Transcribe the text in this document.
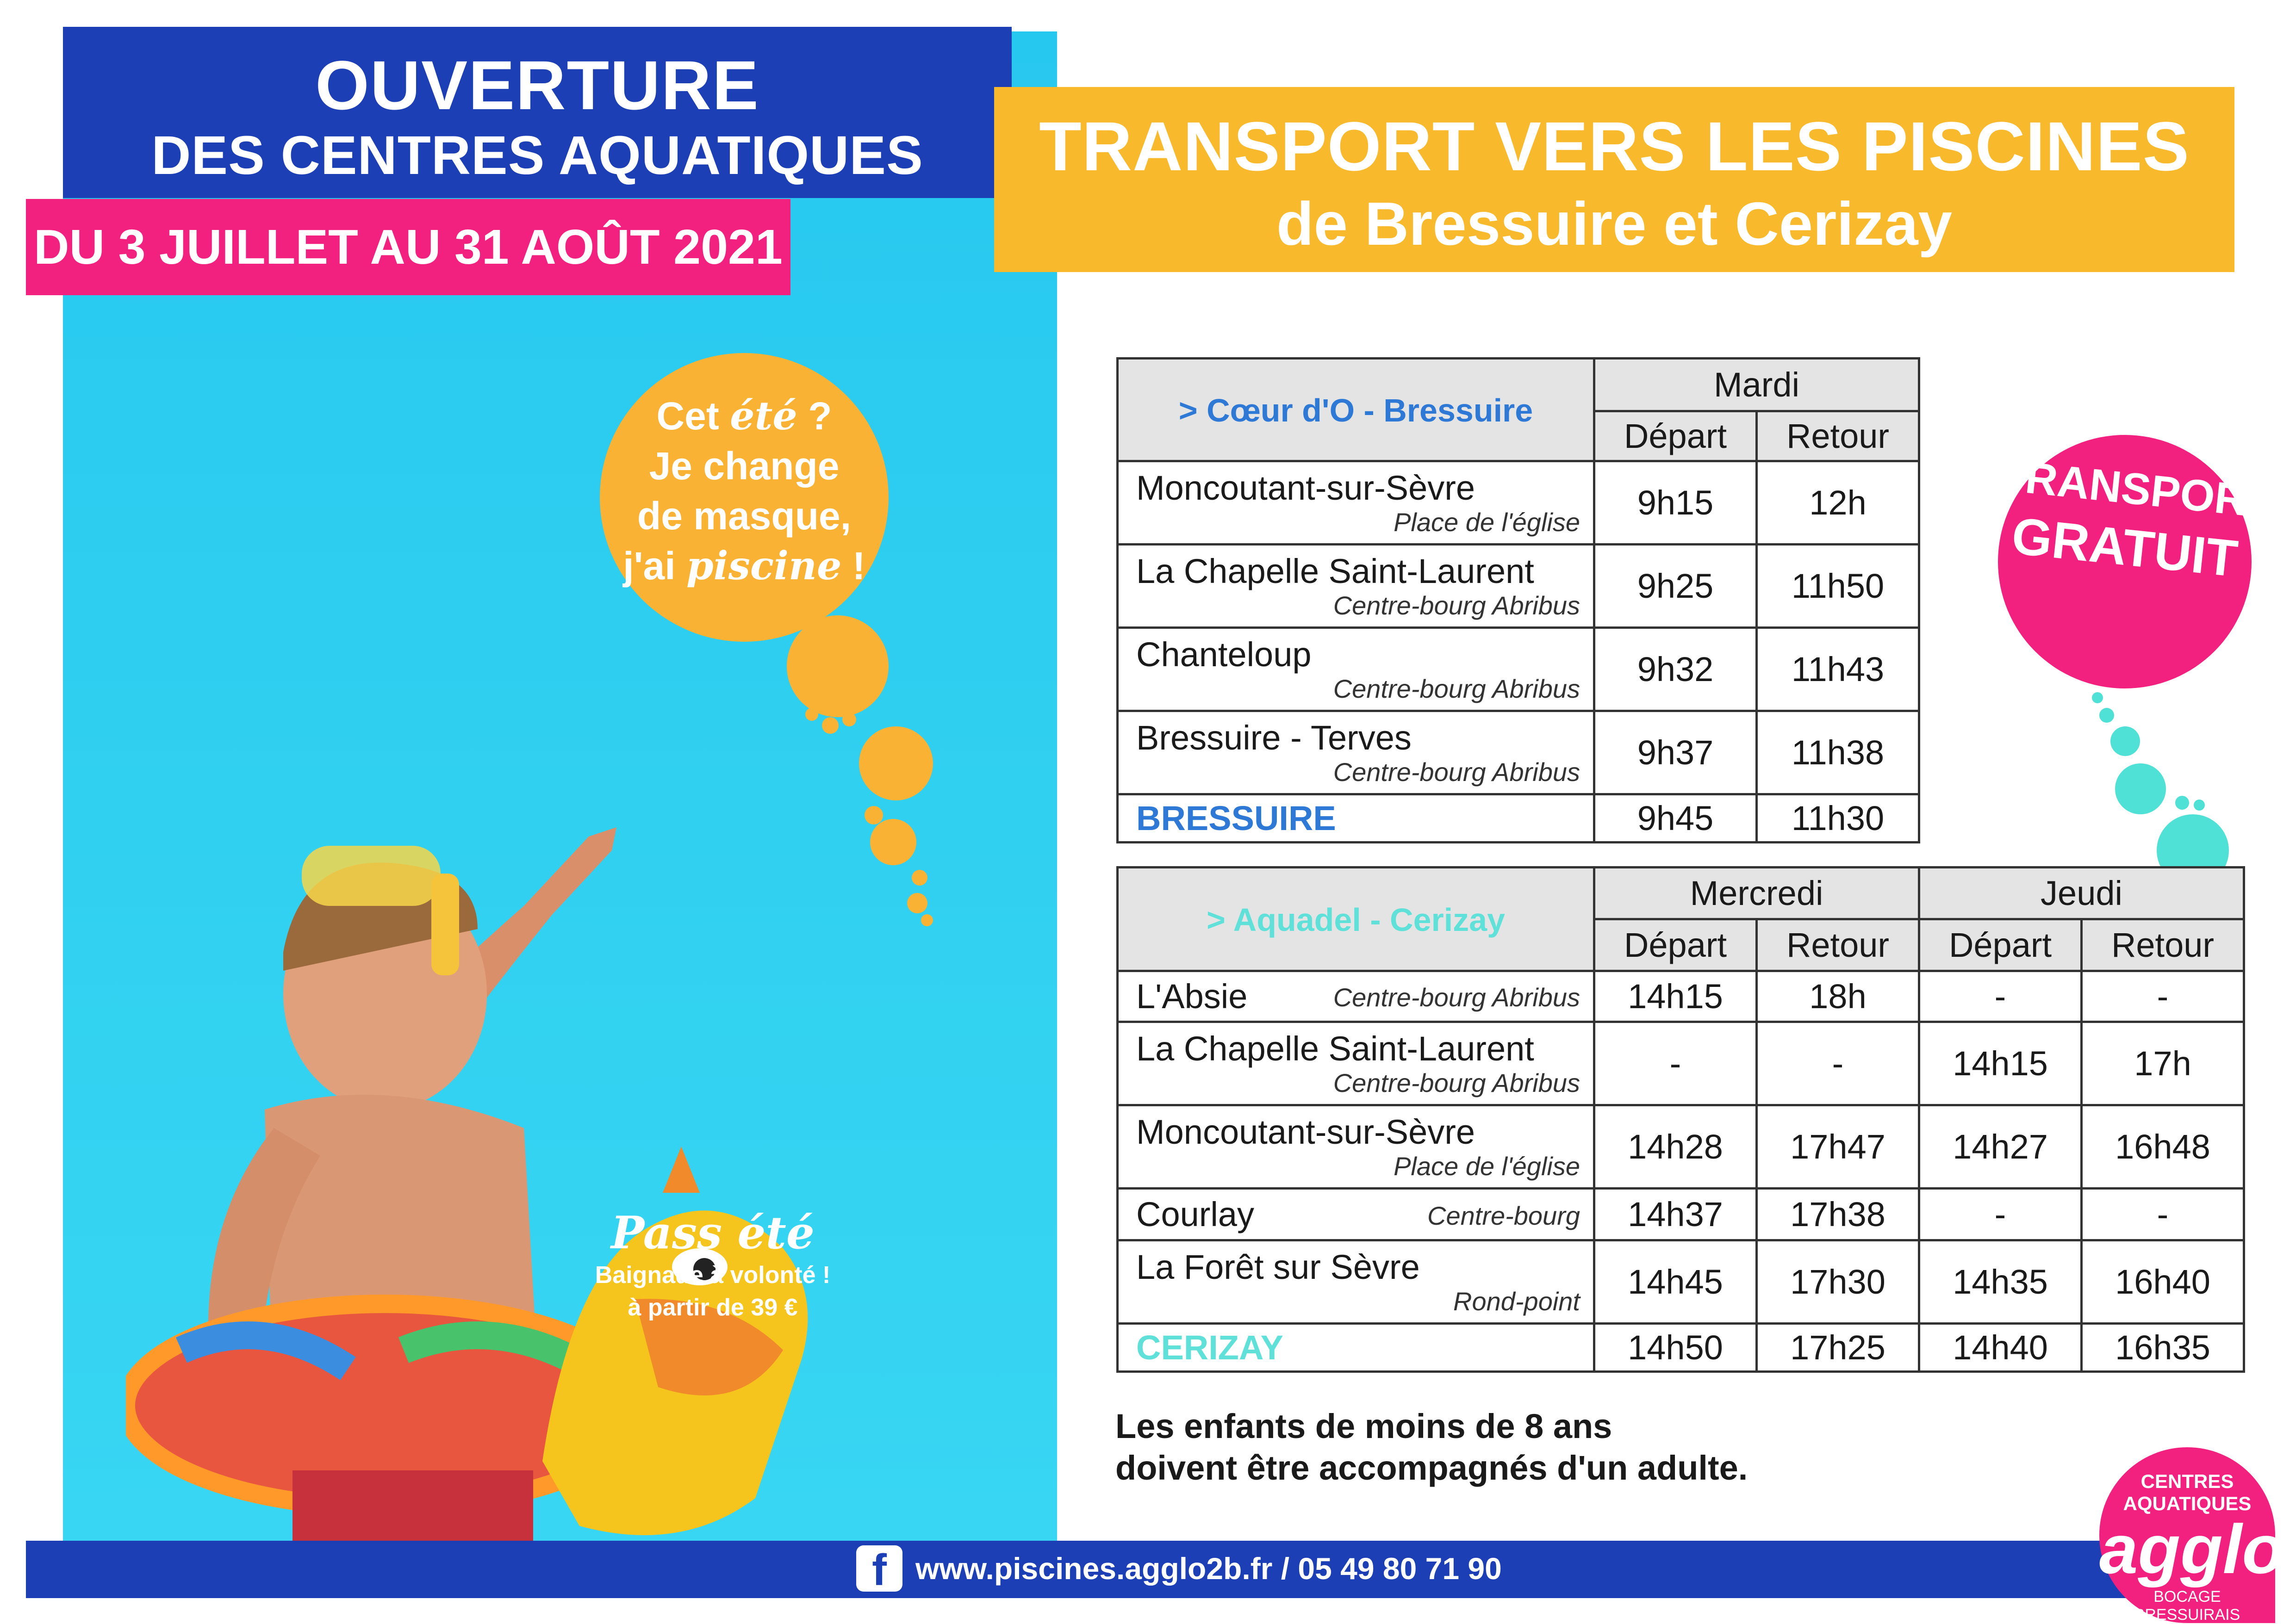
OUVERTURE
DES CENTRES AQUATIQUES
DU 3 JUILLET AU 31 AOÛT 2021
Cet été ?
Je change
de masque,
j'ai piscine !
Pass été
Baignade à volonté !
à partir de 39 €
TRANSPORT VERS LES PISCINES
de Bressuire et Cerizay
TRANSPORT
GRATUIT
> Cœur d'O - Bressuire	Mardi	
	Départ	Retour

Moncoutant-sur-Sèvre
Place de l'église	9h15	12h

La Chapelle Saint-Laurent
Centre-bourg Abribus	9h25	11h50

Chanteloup
Centre-bourg Abribus	9h32	11h43

Bressuire - Terves
Centre-bourg Abribus	9h37	11h38
BRESSUIRE	9h45	11h30
> Aquadel - Cerizay	Mercredi		Jeudi	
	Départ	Retour	Départ	Retour

L'Absie Centre-bourg Abribus	14h15	18h	-	-

La Chapelle Saint-Laurent
Centre-bourg Abribus	-	-	14h15	17h

Moncoutant-sur-Sèvre
Place de l'église	14h28	17h47	14h27	16h48

Courlay Centre-bourg	14h37	17h38	-	-

La Forêt sur Sèvre
Rond-point	14h45	17h30	14h35	16h40
CERIZAY	14h50	17h25	14h40	16h35
Les enfants de moins de 8 ans
doivent être accompagnés d'un adulte.
f www.piscines.agglo2b.fr / 05 49 80 71 90
CENTRES
AQUATIQUES
agglo
BOCAGE BRESSUIRAIS
